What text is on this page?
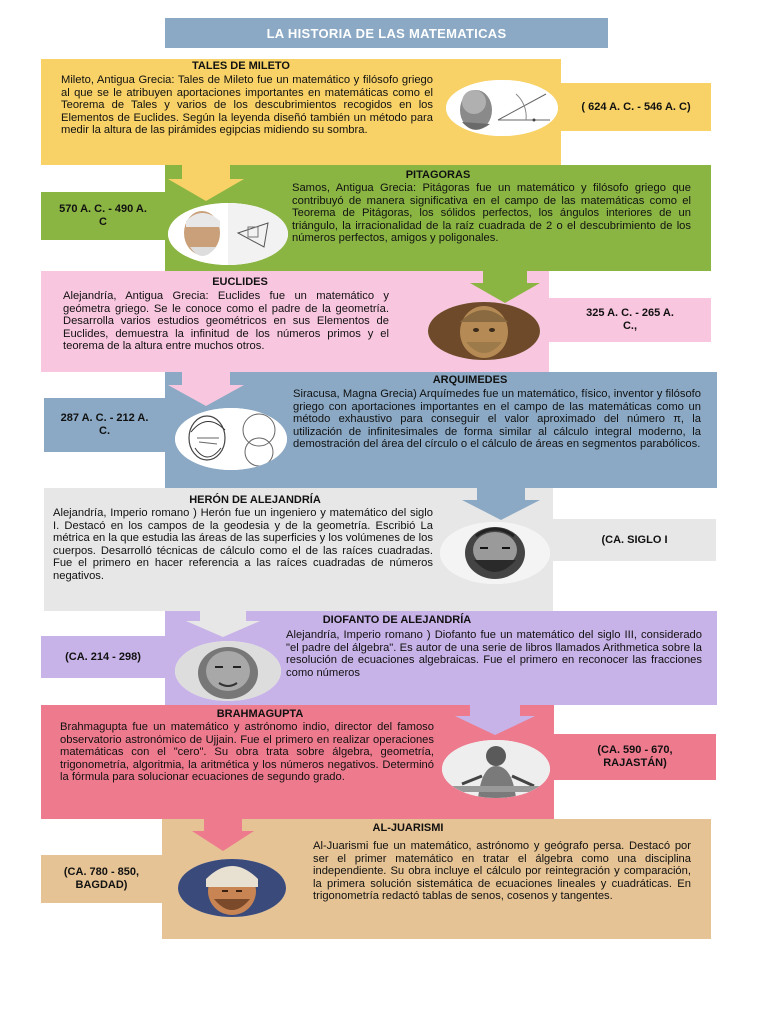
LA HISTORIA DE LAS MATEMATICAS
( 624 A. C. - 546 A. C)
TALES DE MILETO

Mileto, Antigua Grecia: Tales de Mileto fue un matemático y filósofo griego al que se le atribuyen aportaciones importantes en matemáticas como el Teorema de Tales y varios de los descubrimientos recogidos en los Elementos de Euclides. Según la leyenda diseñó también un método para medir la altura de las pirámides egipcias midiendo su sombra.

570 A. C. - 490 A. C
PITAGORAS

Samos, Antigua Grecia: Pitágoras fue un matemático y filósofo griego que contribuyó de manera significativa en el campo de las matemáticas como el Teorema de Pitágoras, los sólidos perfectos, los ángulos interiores de un triángulo, la irracionalidad de la raíz cuadrada de 2 o el descubrimiento de los números perfectos, amigos y poligonales.

325 A. C. - 265 A. C.,
EUCLIDES

Alejandría, Antigua Grecia: Euclides fue un matemático y geómetra griego. Se le conoce como el padre de la geometría. Desarrolla varios estudios geométricos en sus Elementos de Euclides, demuestra la infinitud de los números primos y el teorema de la altura entre muchos otros.

287 A. C. - 212 A. C.
ARQUIMEDES

Siracusa, Magna Grecia) Arquímedes fue un matemático, físico, inventor y filósofo griego con aportaciones importantes en el campo de las matemáticas como un método exhaustivo para conseguir el valor aproximado del número π, la utilización de infinitesimales de forma similar al cálculo integral moderno, la demostración del área del círculo o el cálculo de áreas en segmentos parabólicos.

(CA. SIGLO I
HERÓN DE ALEJANDRÍA

Alejandría, Imperio romano ) Herón fue un ingeniero y matemático del siglo I. Destacó en los campos de la geodesia y de la geometría. Escribió La métrica en la que estudia las áreas de las superficies y los volúmenes de los cuerpos. Desarrolló técnicas de cálculo como el de las raíces cuadradas. Fue el primero en hacer referencia a las raíces cuadradas de números negativos.

(CA. 214 - 298)
DIOFANTO DE ALEJANDRÍA

Alejandría, Imperio romano ) Diofanto fue un matemático del siglo III, considerado "el padre del álgebra". Es autor de una serie de libros llamados Arithmetica sobre la resolución de ecuaciones algebraicas. Fue el primero en reconocer las fracciones como números

(CA. 590 - 670, RAJASTÁN)
BRAHMAGUPTA

Brahmagupta fue un matemático y astrónomo indio, director del famoso observatorio astronómico de Ujjain. Fue el primero en realizar operaciones matemáticas con el "cero". Su obra trata sobre álgebra, geometría, trigonometría, algoritmia, la aritmética y los números negativos. Determinó la fórmula para solucionar ecuaciones de segundo grado.

(CA. 780 - 850, BAGDAD)
AL-JUARISMI

Al-Juarismi fue un matemático, astrónomo y geógrafo persa. Destacó por ser el primer matemático en tratar el álgebra como una disciplina independiente. Su obra incluye el cálculo por reintegración y comparación, la primera solución sistemática de ecuaciones lineales y cuadráticas. En trigonometría redactó tablas de senos, cosenos y tangentes.
